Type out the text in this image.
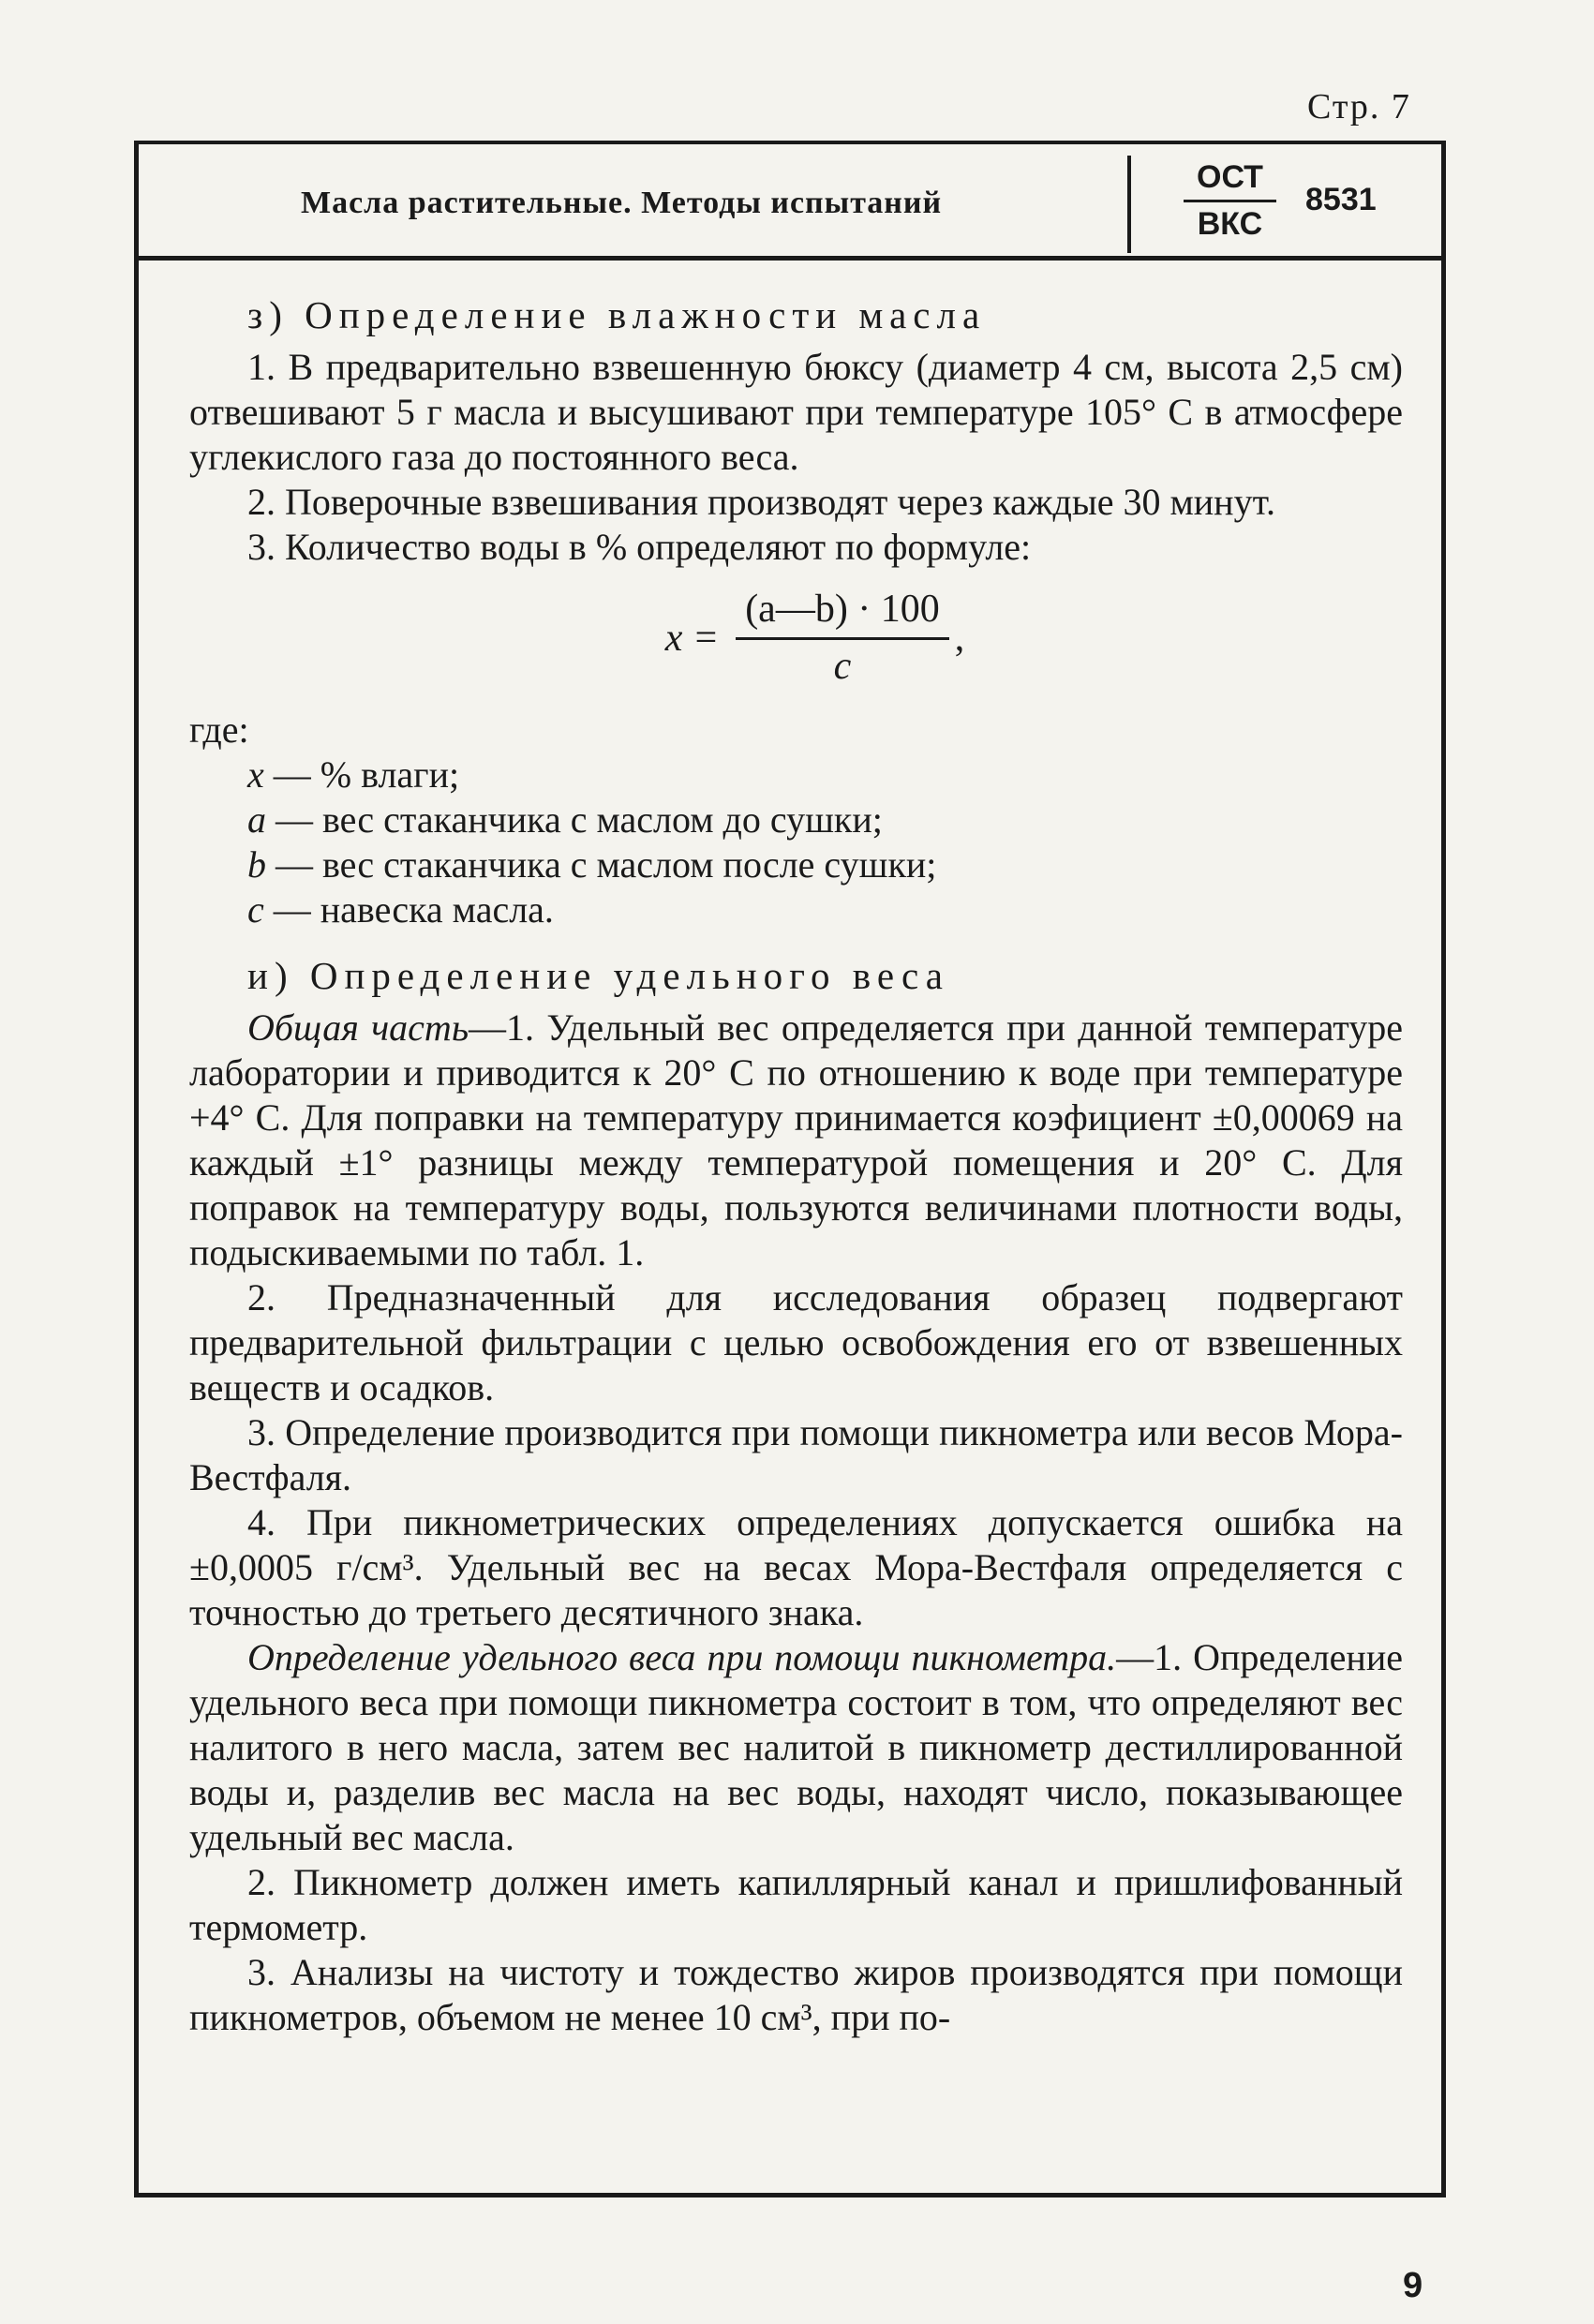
Стр. 7
Масла растительные. Методы испытаний
ОСТ
ВКС
8531
з) Определение влажности масла

1. В предварительно взвешенную бюксу (диаметр 4 см, высота 2,5 см) отвешивают 5 г масла и высушивают при температуре 105° С в атмосфере углекислого газа до постоянного веса.

2. Поверочные взвешивания производят через каждые 30 минут.

3. Количество воды в % определяют по формуле:

$x = \frac{(a—b) \cdot 100}{c}$ ,
где:
x — % влаги;
a — вес стаканчика с маслом до сушки;
b — вес стаканчика с маслом после сушки;
c — навеска масла.
и) Определение удельного веса

Общая часть—1. Удельный вес определяется при данной температуре лаборатории и приводится к 20° С по отношению к воде при температуре +4° С. Для поправки на температуру принимается коэфициент ±0,00069 на каждый ±1° разницы между температурой помещения и 20° С. Для поправок на температуру воды, пользуются величинами плотности воды, подыскиваемыми по табл. 1.

2. Предназначенный для исследования образец подвергают предварительной фильтрации с целью освобождения его от взвешенных веществ и осадков.

3. Определение производится при помощи пикнометра или весов Мора-Вестфаля.

4. При пикнометрических определениях допускается ошибка на ±0,0005 г/см³. Удельный вес на весах Мора-Вестфаля определяется с точностью до третьего десятичного знака.

Определение удельного веса при помощи пикнометра.—1. Определение удельного веса при помощи пикнометра состоит в том, что определяют вес налитого в него масла, затем вес налитой в пикнометр дестиллированной воды и, разделив вес масла на вес воды, находят число, показывающее удельный вес масла.

2. Пикнометр должен иметь капиллярный канал и пришлифованный термометр.

3. Анализы на чистоту и тождество жиров производятся при помощи пикнометров, объемом не менее 10 см³, при по-

9
